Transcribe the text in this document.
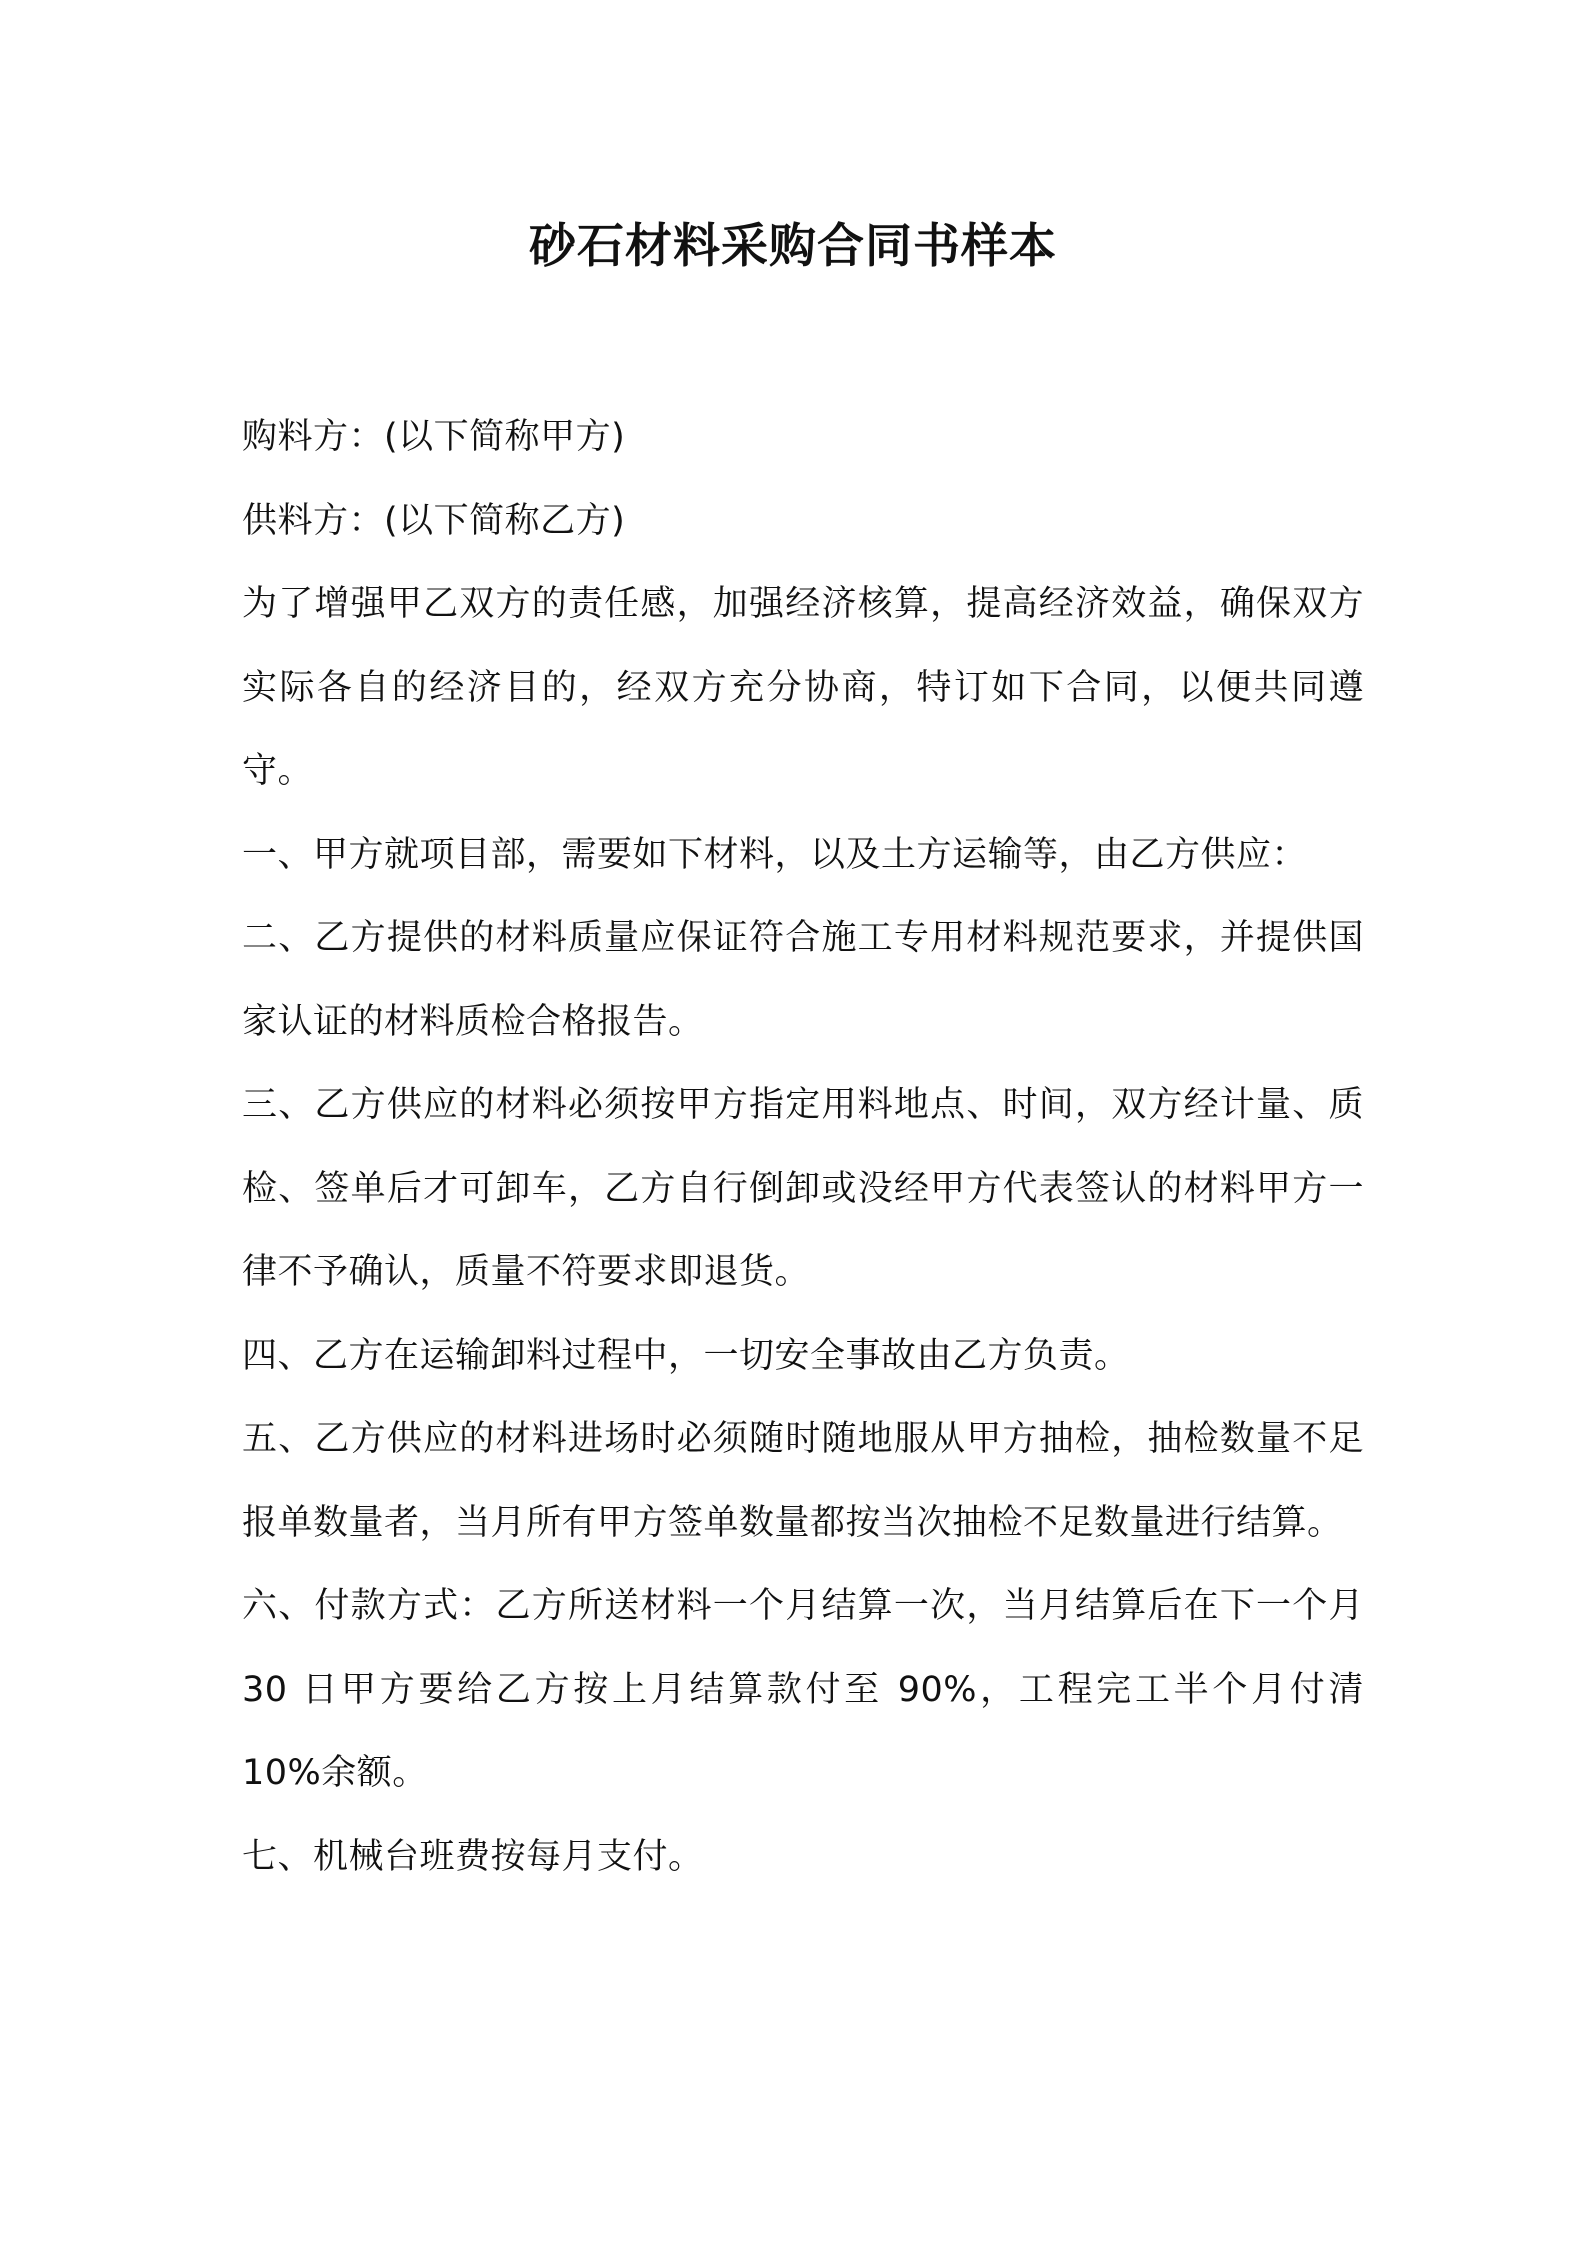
砂石材料采购合同书样本

购料方：(以下简称甲方)

供料方：(以下简称乙方)

为了增强甲乙双方的责任感，加强经济核算，提高经济效益，确保双方实际各自的经济目的，经双方充分协商，特订如下合同，以便共同遵守。

一、甲方就项目部，需要如下材料，以及土方运输等，由乙方供应：

二、乙方提供的材料质量应保证符合施工专用材料规范要求，并提供国家认证的材料质检合格报告。

三、乙方供应的材料必须按甲方指定用料地点、时间，双方经计量、质检、签单后才可卸车，乙方自行倒卸或没经甲方代表签认的材料甲方一律不予确认，质量不符要求即退货。

四、乙方在运输卸料过程中，一切安全事故由乙方负责。

五、乙方供应的材料进场时必须随时随地服从甲方抽检，抽检数量不足报单数量者，当月所有甲方签单数量都按当次抽检不足数量进行结算。

六、付款方式：乙方所送材料一个月结算一次，当月结算后在下一个月 30 日甲方要给乙方按上月结算款付至 90%，工程完工半个月付清 10%余额。

七、机械台班费按每月支付。
